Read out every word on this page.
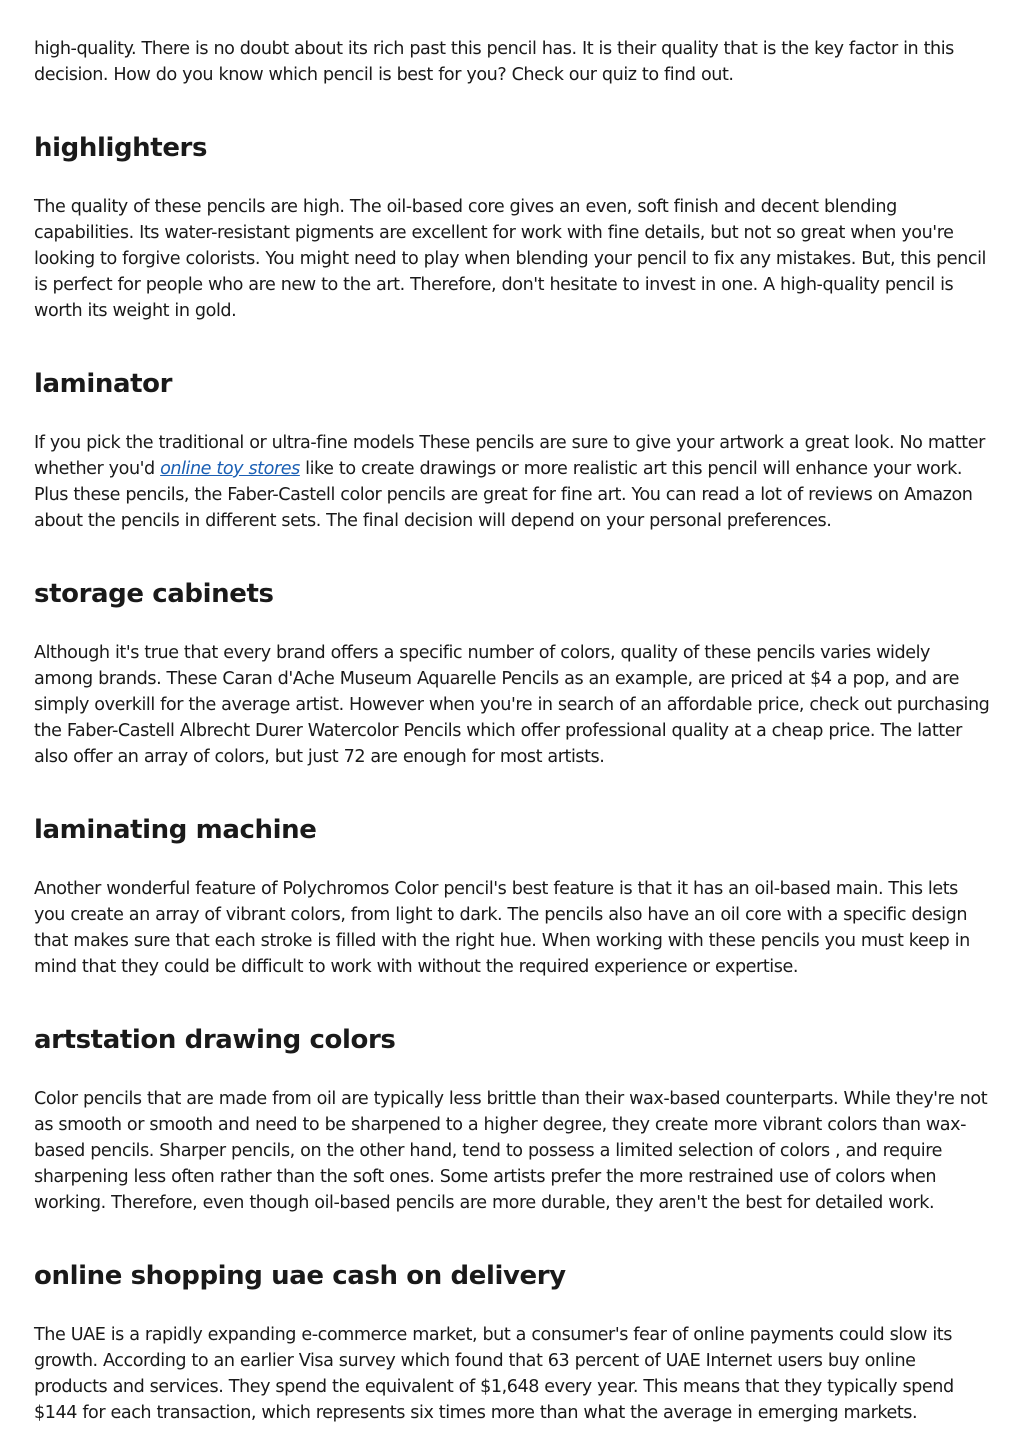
high-quality. There is no doubt about its rich past this pencil has. It is their quality that is the key factor in this decision. How do you know which pencil is best for you? Check our quiz to find out.

highlighters

The quality of these pencils are high. The oil-based core gives an even, soft finish and decent blending capabilities. Its water-resistant pigments are excellent for work with fine details, but not so great when you're looking to forgive colorists. You might need to play when blending your pencil to fix any mistakes. But, this pencil is perfect for people who are new to the art. Therefore, don't hesitate to invest in one. A high-quality pencil is worth its weight in gold.

laminator

If you pick the traditional or ultra-fine models These pencils are sure to give your artwork a great look. No matter whether you'd online toy stores like to create drawings or more realistic art this pencil will enhance your work. Plus these pencils, the Faber-Castell color pencils are great for fine art. You can read a lot of reviews on Amazon about the pencils in different sets. The final decision will depend on your personal preferences.

storage cabinets

Although it's true that every brand offers a specific number of colors, quality of these pencils varies widely among brands. These Caran d'Ache Museum Aquarelle Pencils as an example, are priced at $4 a pop, and are simply overkill for the average artist. However when you're in search of an affordable price, check out purchasing the Faber-Castell Albrecht Durer Watercolor Pencils which offer professional quality at a cheap price. The latter also offer an array of colors, but just 72 are enough for most artists.

laminating machine

Another wonderful feature of Polychromos Color pencil's best feature is that it has an oil-based main. This lets you create an array of vibrant colors, from light to dark. The pencils also have an oil core with a specific design that makes sure that each stroke is filled with the right hue. When working with these pencils you must keep in mind that they could be difficult to work with without the required experience or expertise.

artstation drawing colors

Color pencils that are made from oil are typically less brittle than their wax-based counterparts. While they're not as smooth or smooth and need to be sharpened to a higher degree, they create more vibrant colors than wax-based pencils. Sharper pencils, on the other hand, tend to possess a limited selection of colors , and require sharpening less often rather than the soft ones. Some artists prefer the more restrained use of colors when working. Therefore, even though oil-based pencils are more durable, they aren't the best for detailed work.

online shopping uae cash on delivery

The UAE is a rapidly expanding e-commerce market, but a consumer's fear of online payments could slow its growth. According to an earlier Visa survey which found that 63 percent of UAE Internet users buy online products and services. They spend the equivalent of $1,648 every year. This means that they typically spend $144 for each transaction, which represents six times more than what the average in emerging markets.
